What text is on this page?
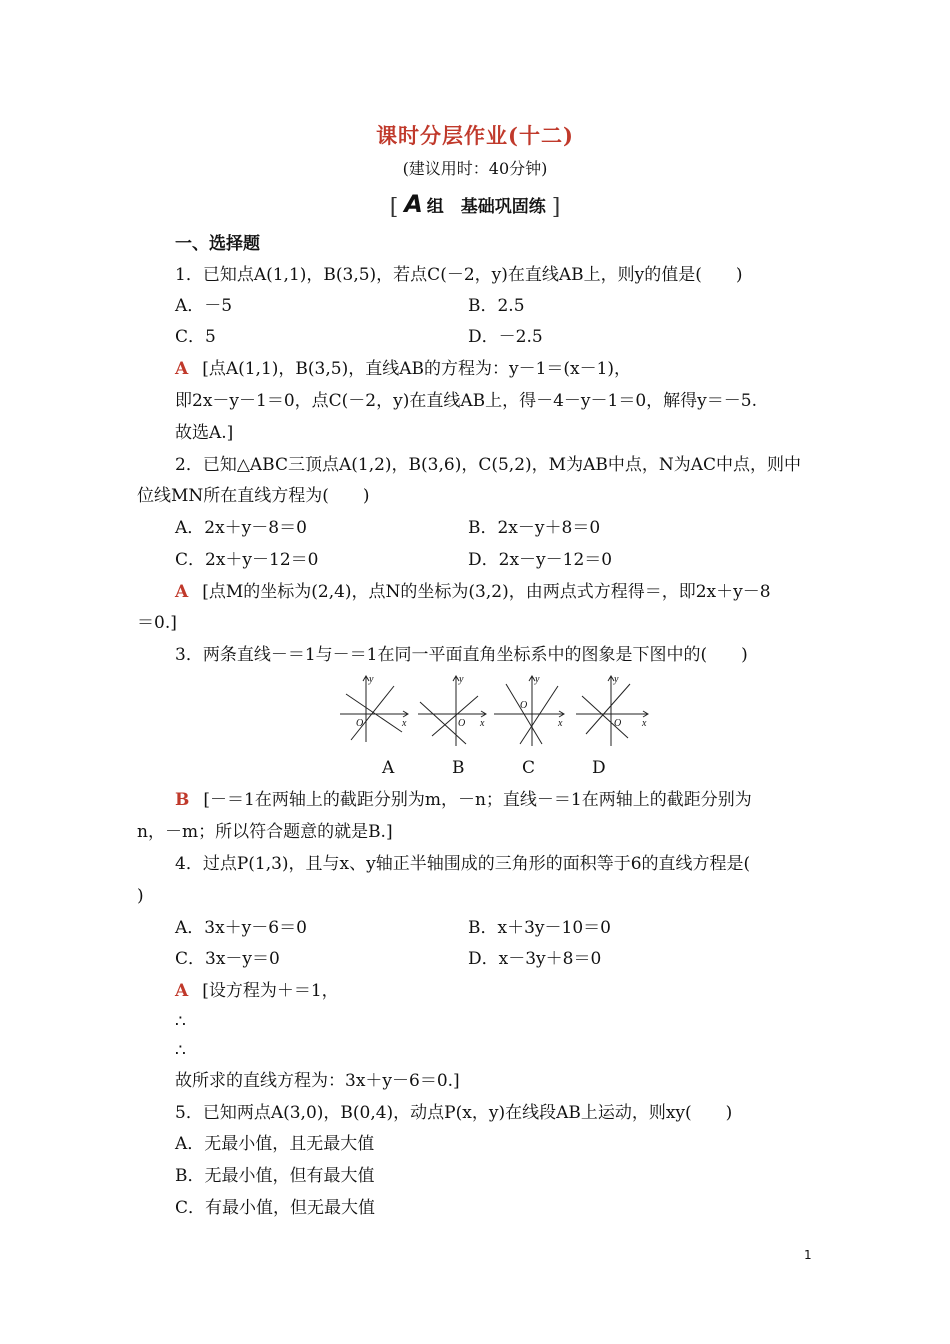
课时分层作业(十二)
(建议用时：40分钟)
[ A 组　基础巩固练 ]
一、选择题
1．已知点A(1,1)，B(3,5)，若点C(－2，y)在直线AB上，则y的值是(　　)
A．－5	B．2.5
C．5	D．－2.5
A [点A(1,1)，B(3,5)，直线AB的方程为：y－1＝(x－1)，
即2x－y－1＝0，点C(－2，y)在直线AB上，得－4－y－1＝0，解得y＝－5.
故选A.]
2．已知△ABC三顶点A(1,2)，B(3,6)，C(5,2)，M为AB中点，N为AC中点，则中
位线MN所在直线方程为(　　)
A．2x＋y－8＝0	B．2x－y＋8＝0
C．2x＋y－12＝0	D．2x－y－12＝0
A [点M的坐标为(2,4)，点N的坐标为(3,2)，由两点式方程得＝，即2x＋y－8
＝0.]
3．两条直线－＝1与－＝1在同一平面直角坐标系中的图象是下图中的(　　)
y
x
O
y
x
O
y
x
O
y
x
O
A	B	C	D
B [－＝1在两轴上的截距分别为m，－n；直线－＝1在两轴上的截距分别为
n，－m；所以符合题意的就是B.]
4．过点P(1,3)，且与x、y轴正半轴围成的三角形的面积等于6的直线方程是(
)
A．3x＋y－6＝0	B．x＋3y－10＝0
C．3x－y＝0	D．x－3y＋8＝0
A [设方程为＋＝1，
∴
∴
故所求的直线方程为：3x＋y－6＝0.]
5．已知两点A(3,0)，B(0,4)，动点P(x，y)在线段AB上运动，则xy(　　)
A．无最小值，且无最大值
B．无最小值，但有最大值
C．有最小值，但无最大值
1
